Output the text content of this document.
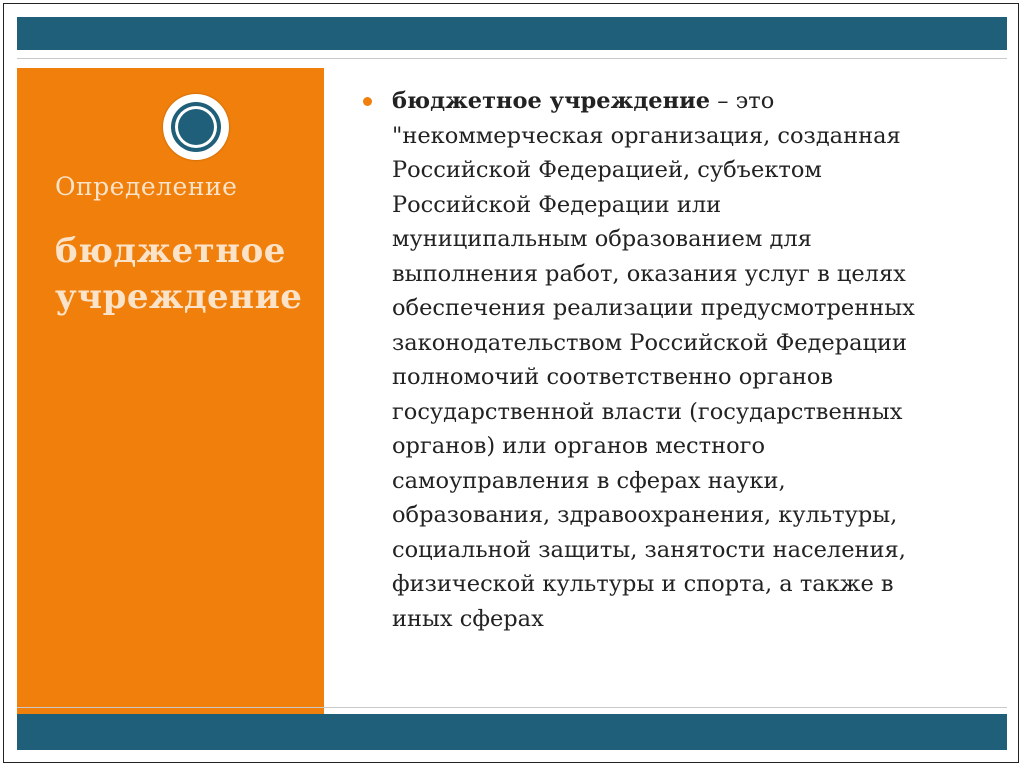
Определение
бюджетное учреждение
бюджетное учреждение – это
"некоммерческая организация, созданная
Российской Федерацией, субъектом
Российской Федерации или
муниципальным образованием для
выполнения работ, оказания услуг в целях
обеспечения реализации предусмотренных
законодательством Российской Федерации
полномочий соответственно органов
государственной власти (государственных
органов) или органов местного
самоуправления в сферах науки,
образования, здравоохранения, культуры,
социальной защиты, занятости населения,
физической культуры и спорта, а также в
иных сферах
